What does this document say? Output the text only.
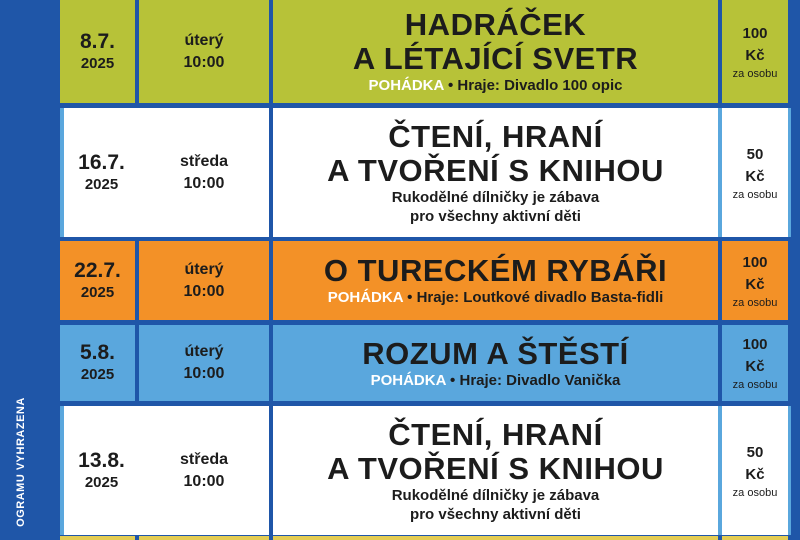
OGRAMU VYHRAZENA
8.7.
2025
úterý
10:00
HADRÁČEK
A LÉTAJÍCÍ SVETR
POHÁDKA • Hraje: Divadlo 100 opic
100
Kč
za osobu
16.7.
2025
středa
10:00
ČTENÍ, HRANÍ
A TVOŘENÍ S KNIHOU
Rukodělné dílničky je zábava
pro všechny aktivní děti
50
Kč
za osobu
22.7.
2025
úterý
10:00
O TURECKÉM RYBÁŘI
POHÁDKA • Hraje: Loutkové divadlo Basta-fidli
100
Kč
za osobu
5.8.
2025
úterý
10:00
ROZUM A ŠTĚSTÍ
POHÁDKA • Hraje: Divadlo Vanička
100
Kč
za osobu
13.8.
2025
středa
10:00
ČTENÍ, HRANÍ
A TVOŘENÍ S KNIHOU
Rukodělné dílničky je zábava
pro všechny aktivní děti
50
Kč
za osobu
